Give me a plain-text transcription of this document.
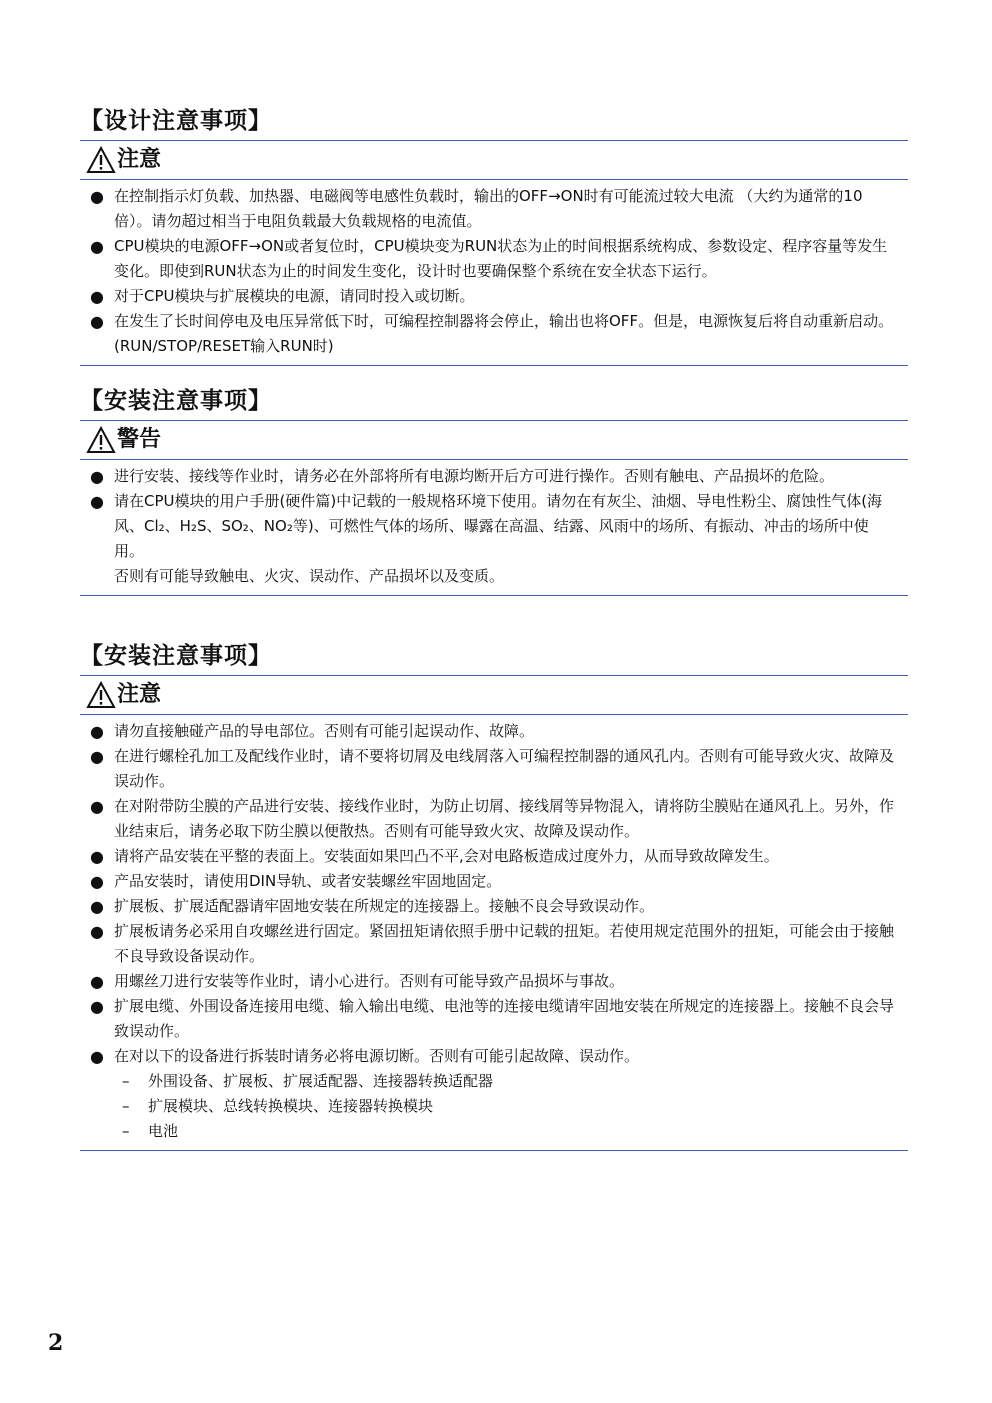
【设计注意事项】
注意
● 在控制指示灯负载、加热器、电磁阀等电感性负载时，输出的OFF→ON时有可能流过较大电流 （大约为通常的10倍）。请勿超过相当于电阻负载最大负载规格的电流值。
● CPU模块的电源OFF→ON或者复位时，CPU模块变为RUN状态为止的时间根据系统构成、参数设定、程序容量等发生变化。即使到RUN状态为止的时间发生变化，设计时也要确保整个系统在安全状态下运行。
● 对于CPU模块与扩展模块的电源，请同时投入或切断。
● 在发生了长时间停电及电压异常低下时，可编程控制器将会停止，输出也将OFF。但是，电源恢复后将自动重新启动。(RUN/STOP/RESET输入RUN时)
【安装注意事项】
警告
● 进行安装、接线等作业时，请务必在外部将所有电源均断开后方可进行操作。否则有触电、产品损坏的危险。
● 请在CPU模块的用户手册(硬件篇)中记载的一般规格环境下使用。请勿在有灰尘、油烟、导电性粉尘、腐蚀性气体(海风、Cl₂、H₂S、SO₂、NO₂等)、可燃性气体的场所、曝露在高温、结露、风雨中的场所、有振动、冲击的场所中使用。
否则有可能导致触电、火灾、误动作、产品损坏以及变质。
【安装注意事项】
注意
● 请勿直接触碰产品的导电部位。否则有可能引起误动作、故障。
● 在进行螺栓孔加工及配线作业时，请不要将切屑及电线屑落入可编程控制器的通风孔内。否则有可能导致火灾、故障及误动作。
● 在对附带防尘膜的产品进行安装、接线作业时，为防止切屑、接线屑等异物混入，请将防尘膜贴在通风孔上。另外，作业结束后，请务必取下防尘膜以便散热。否则有可能导致火灾、故障及误动作。
● 请将产品安装在平整的表面上。安装面如果凹凸不平,会对电路板造成过度外力，从而导致故障发生。
● 产品安装时，请使用DIN导轨、或者安装螺丝牢固地固定。
● 扩展板、扩展适配器请牢固地安装在所规定的连接器上。接触不良会导致误动作。
● 扩展板请务必采用自攻螺丝进行固定。紧固扭矩请依照手册中记载的扭矩。若使用规定范围外的扭矩，可能会由于接触不良导致设备误动作。
● 用螺丝刀进行安装等作业时，请小心进行。否则有可能导致产品损坏与事故。
● 扩展电缆、外围设备连接用电缆、输入输出电缆、电池等的连接电缆请牢固地安装在所规定的连接器上。接触不良会导致误动作。
● 在对以下的设备进行拆装时请务必将电源切断。否则有可能引起故障、误动作。
– 外围设备、扩展板、扩展适配器、连接器转换适配器
– 扩展模块、总线转换模块、连接器转换模块
– 电池
2
